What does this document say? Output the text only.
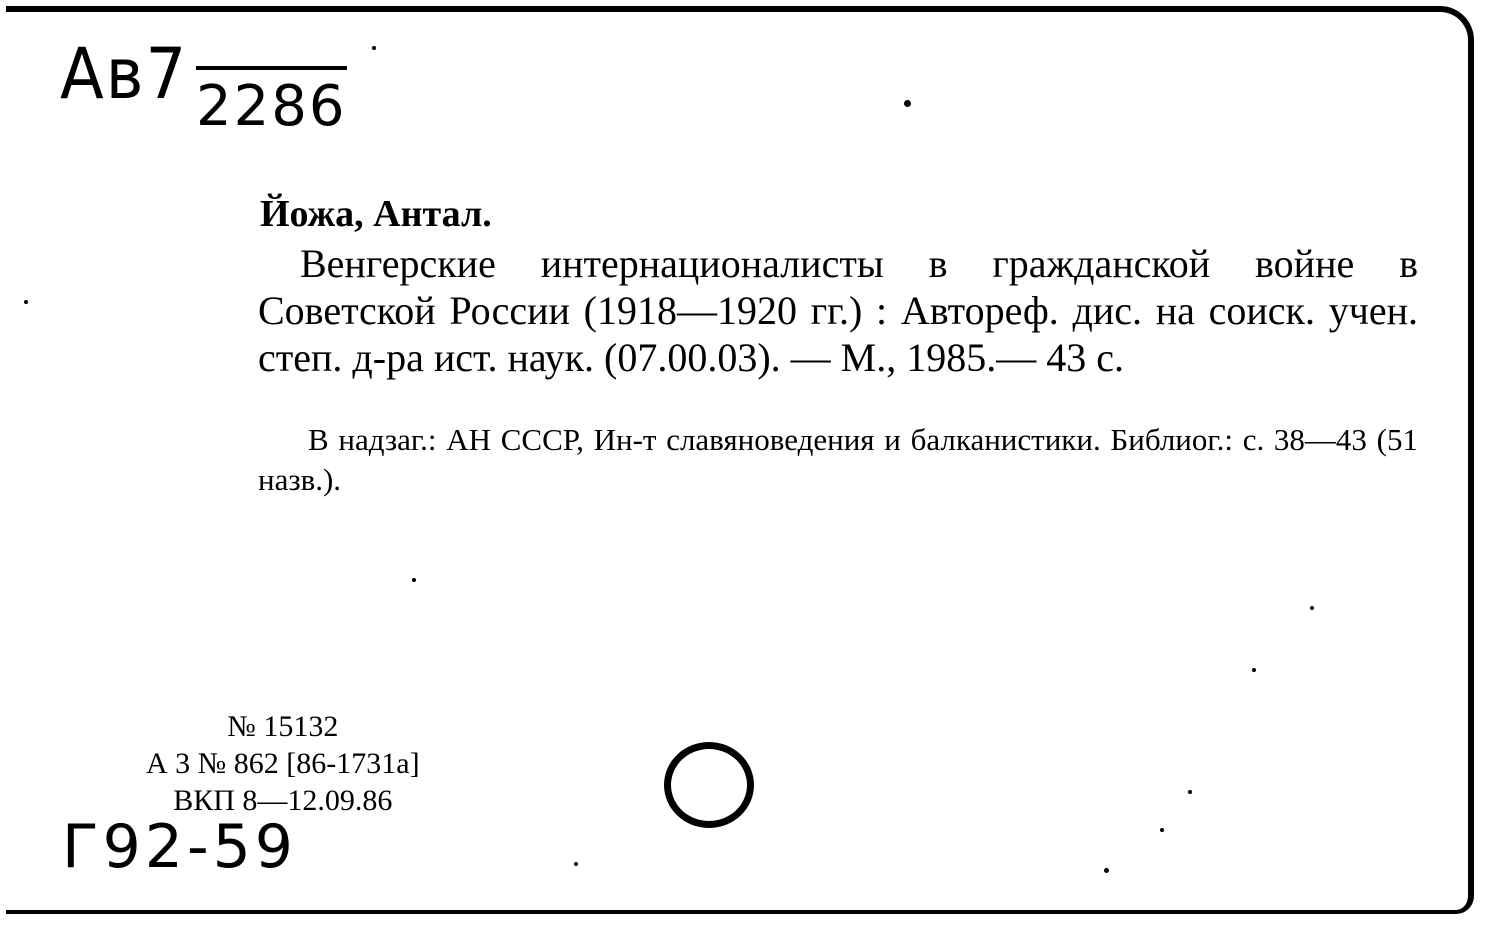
Ав7 2286
Йожа, Антал.

Венгерские интернационалисты в гражданской войне в Советской России (1918—1920 гг.) : Автореф. дис. на соиск. учен. степ. д-ра ист. наук. (07.00.03). — М., 1985.— 43 с.

В надзаг.: АН СССР, Ин-т славяноведения и балканистики. Библиог.: с. 38—43 (51 назв.).

№ 15132
А 3 № 862 [86-1731а]
ВКП 8—12.09.86
Г92-59
